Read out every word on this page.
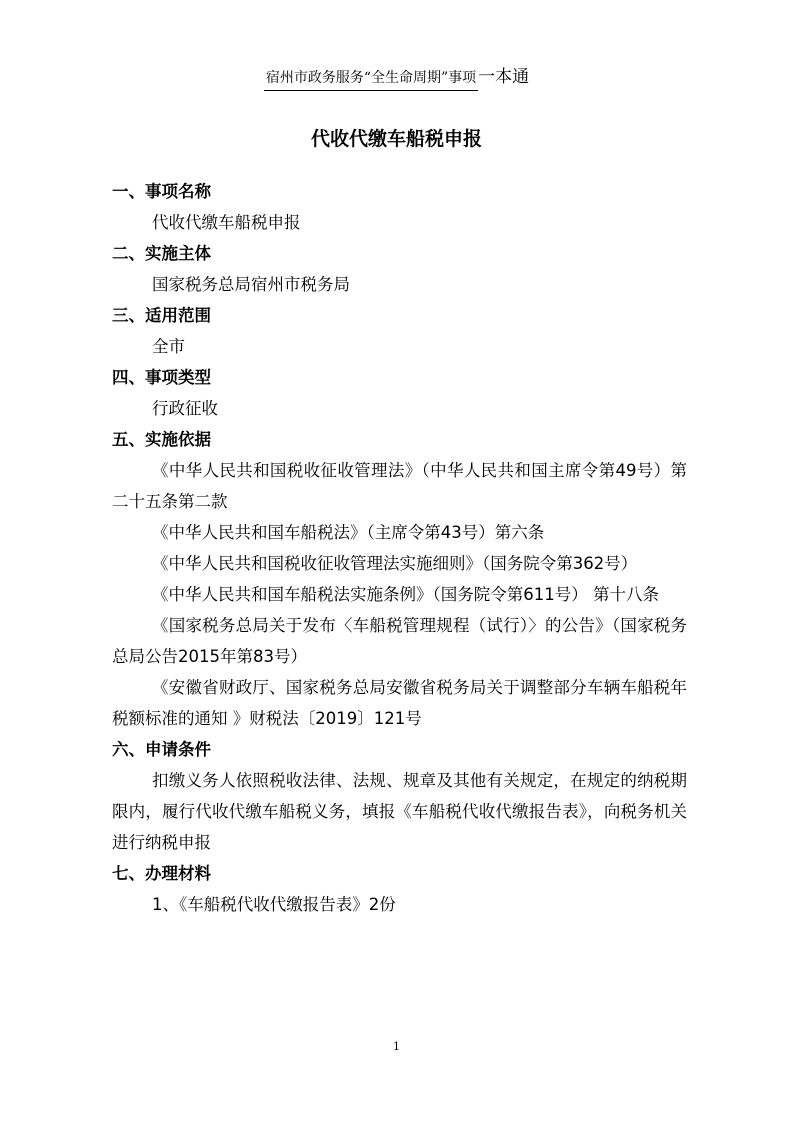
宿州市政务服务“全生命周期”事项 一本通
代收代缴车船税申报
一、事项名称
代收代缴车船税申报
二、实施主体
国家税务总局宿州市税务局
三、适用范围
全市
四、事项类型
行政征收
五、实施依据
《中华人民共和国税收征收管理法》（中华人民共和国主席令第49号）第二十五条第二款
《中华人民共和国车船税法》（主席令第43号）第六条
《中华人民共和国税收征收管理法实施细则》（国务院令第362号）
《中华人民共和国车船税法实施条例》（国务院令第611号） 第十八条
《国家税务总局关于发布〈车船税管理规程（试行）〉的公告》（国家税务总局公告2015年第83号）
《安徽省财政厅、国家税务总局安徽省税务局关于调整部分车辆车船税年税额标准的通知 》财税法〔2019〕121号
六、申请条件
扣缴义务人依照税收法律、法规、规章及其他有关规定，在规定的纳税期限内，履行代收代缴车船税义务，填报《车船税代收代缴报告表》，向税务机关进行纳税申报
七、办理材料
1、《车船税代收代缴报告表》2份
1
